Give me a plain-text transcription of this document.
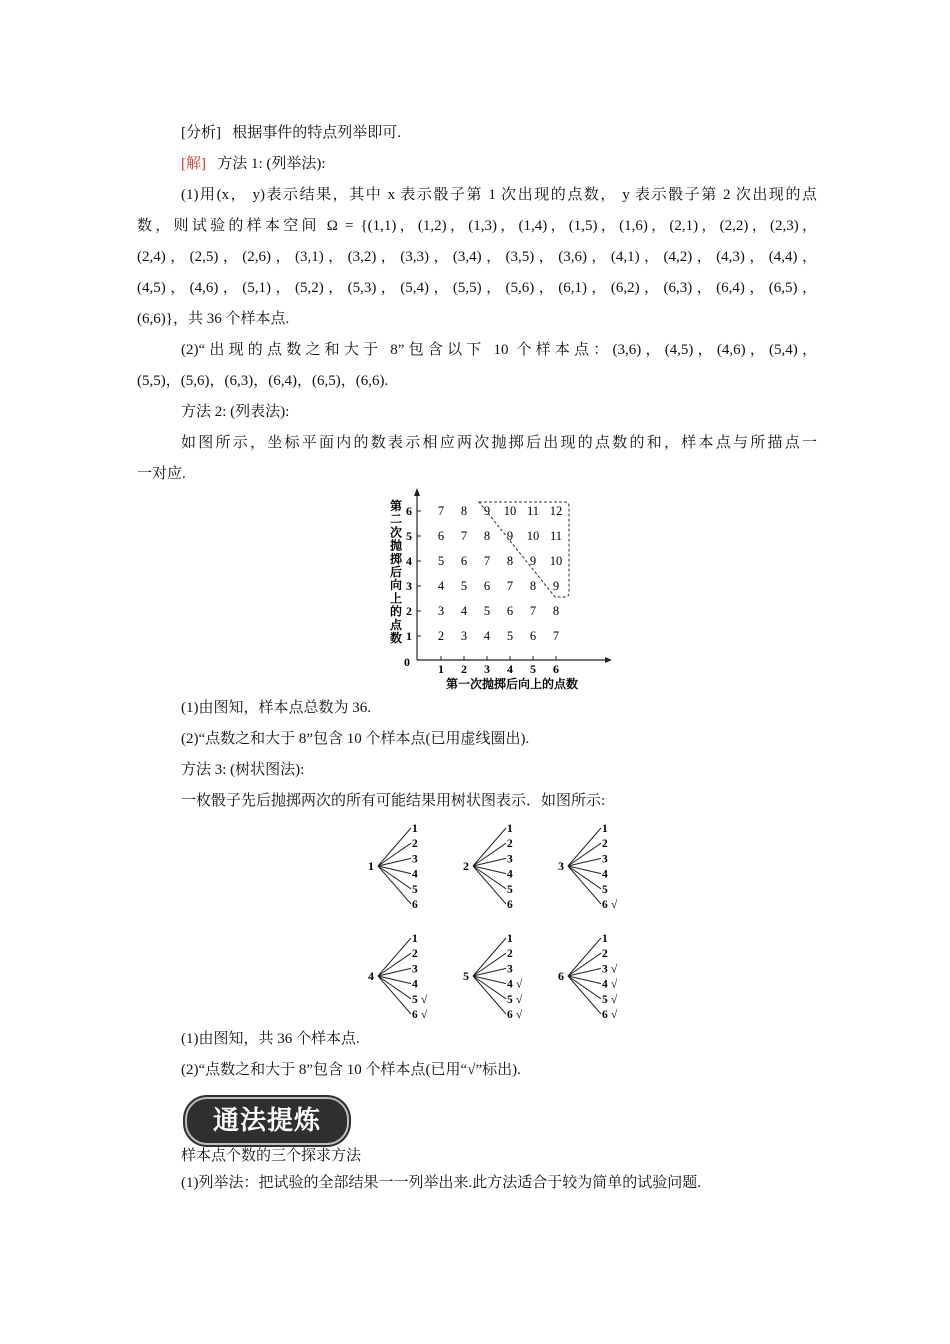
[分析] 根据事件的特点列举即可.
[解] 方法 1: (列举法):
(1)用(x， y)表示结果，其中 x 表示骰子第 1 次出现的点数， y 表示骰子第 2 次出现的点
数，则试验的样本空间 Ω = {(1,1)，(1,2)，(1,3)，(1,4)，(1,5)，(1,6)，(2,1)，(2,2)，(2,3)，
(2,4)，(2,5)，(2,6)，(3,1)，(3,2)，(3,3)，(3,4)，(3,5)，(3,6)，(4,1)，(4,2)，(4,3)，(4,4)，
(4,5)，(4,6)，(5,1)，(5,2)，(5,3)，(5,4)，(5,5)，(5,6)，(6,1)，(6,2)，(6,3)，(6,4)，(6,5)，
(6,6)}，共 36 个样本点.
(2)“出现的点数之和大于 8”包含以下 10 个样本点：(3,6)，(4,5)，(4,6)，(5,4)，
(5,5)，(5,6)，(6,3)，(6,4)，(6,5)，(6,6).
方法 2: (列表法):
如图所示，坐标平面内的数表示相应两次抛掷后出现的点数的和，样本点与所描点一
一对应.
0 1 2 3 4 5 6
1
2
3
4
5
6
第
二
次
抛
掷
后
向
上
的
点
数
第一次抛掷后向上的点数
2 3 4 5 6 7
3 4 5 6 7 8
4 5 6 7 8 9
5 6 7 8 9 10
6 7 8 9 10 11
7 8 9 10 11 12
(1)由图知，样本点总数为 36.
(2)“点数之和大于 8”包含 10 个样本点(已用虚线圈出).
方法 3: (树状图法):
一枚骰子先后抛掷两次的所有可能结果用树状图表示．如图所示:
1
1
2
3
4
5
6
2
1
2
3
4
5
6
3
1
2
3
4
5
6 √
4
1
2
3
4
5 √
6 √
5
1
2
3
4 √
5 √
6 √
6
1
2
3 √
4 √
5 √
6 √
(1)由图知，共 36 个样本点.
(2)“点数之和大于 8”包含 10 个样本点(已用“√”标出).
通法提炼
样本点个数的三个探求方法
(1)列举法：把试验的全部结果一一列举出来.此方法适合于较为简单的试验问题.
